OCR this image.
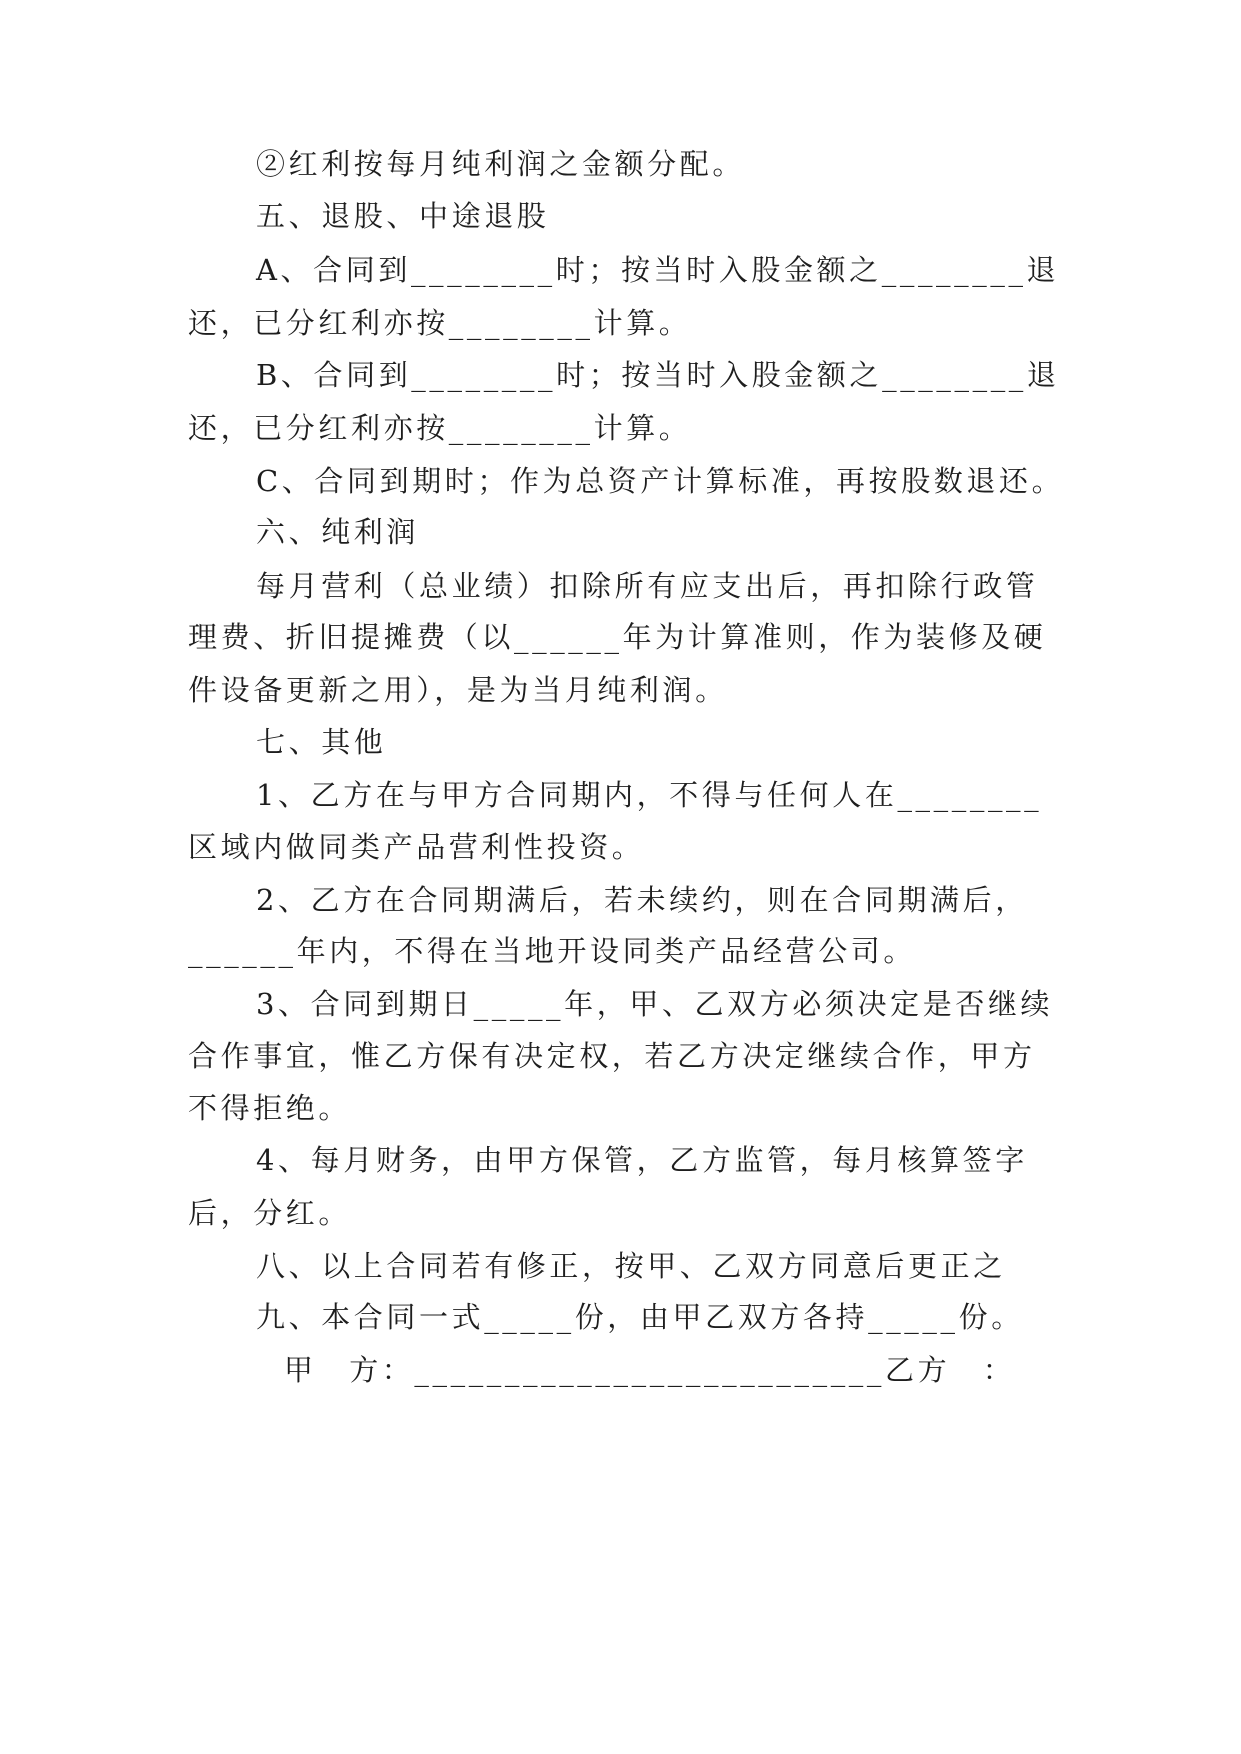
②红利按每月纯利润之金额分配。
五、退股、中途退股
A、合同到________时；按当时入股金额之________退
还，已分红利亦按________计算。
B、合同到________时；按当时入股金额之________退
还，已分红利亦按________计算。
C、合同到期时；作为总资产计算标准，再按股数退还。
六、纯利润
每月营利（总业绩）扣除所有应支出后，再扣除行政管
理费、折旧提摊费（以______年为计算准则，作为装修及硬
件设备更新之用），是为当月纯利润。
七、其他
1、乙方在与甲方合同期内，不得与任何人在________
区域内做同类产品营利性投资。
2、乙方在合同期满后，若未续约，则在合同期满后，
______年内，不得在当地开设同类产品经营公司。
3、合同到期日_____年，甲、乙双方必须决定是否继续
合作事宜，惟乙方保有决定权，若乙方决定继续合作，甲方
不得拒绝。
4、每月财务，由甲方保管，乙方监管，每月核算签字
后，分红。
八、以上合同若有修正，按甲、乙双方同意后更正之
九、本合同一式_____份，由甲乙双方各持_____份。
甲　方：__________________________乙方　：
